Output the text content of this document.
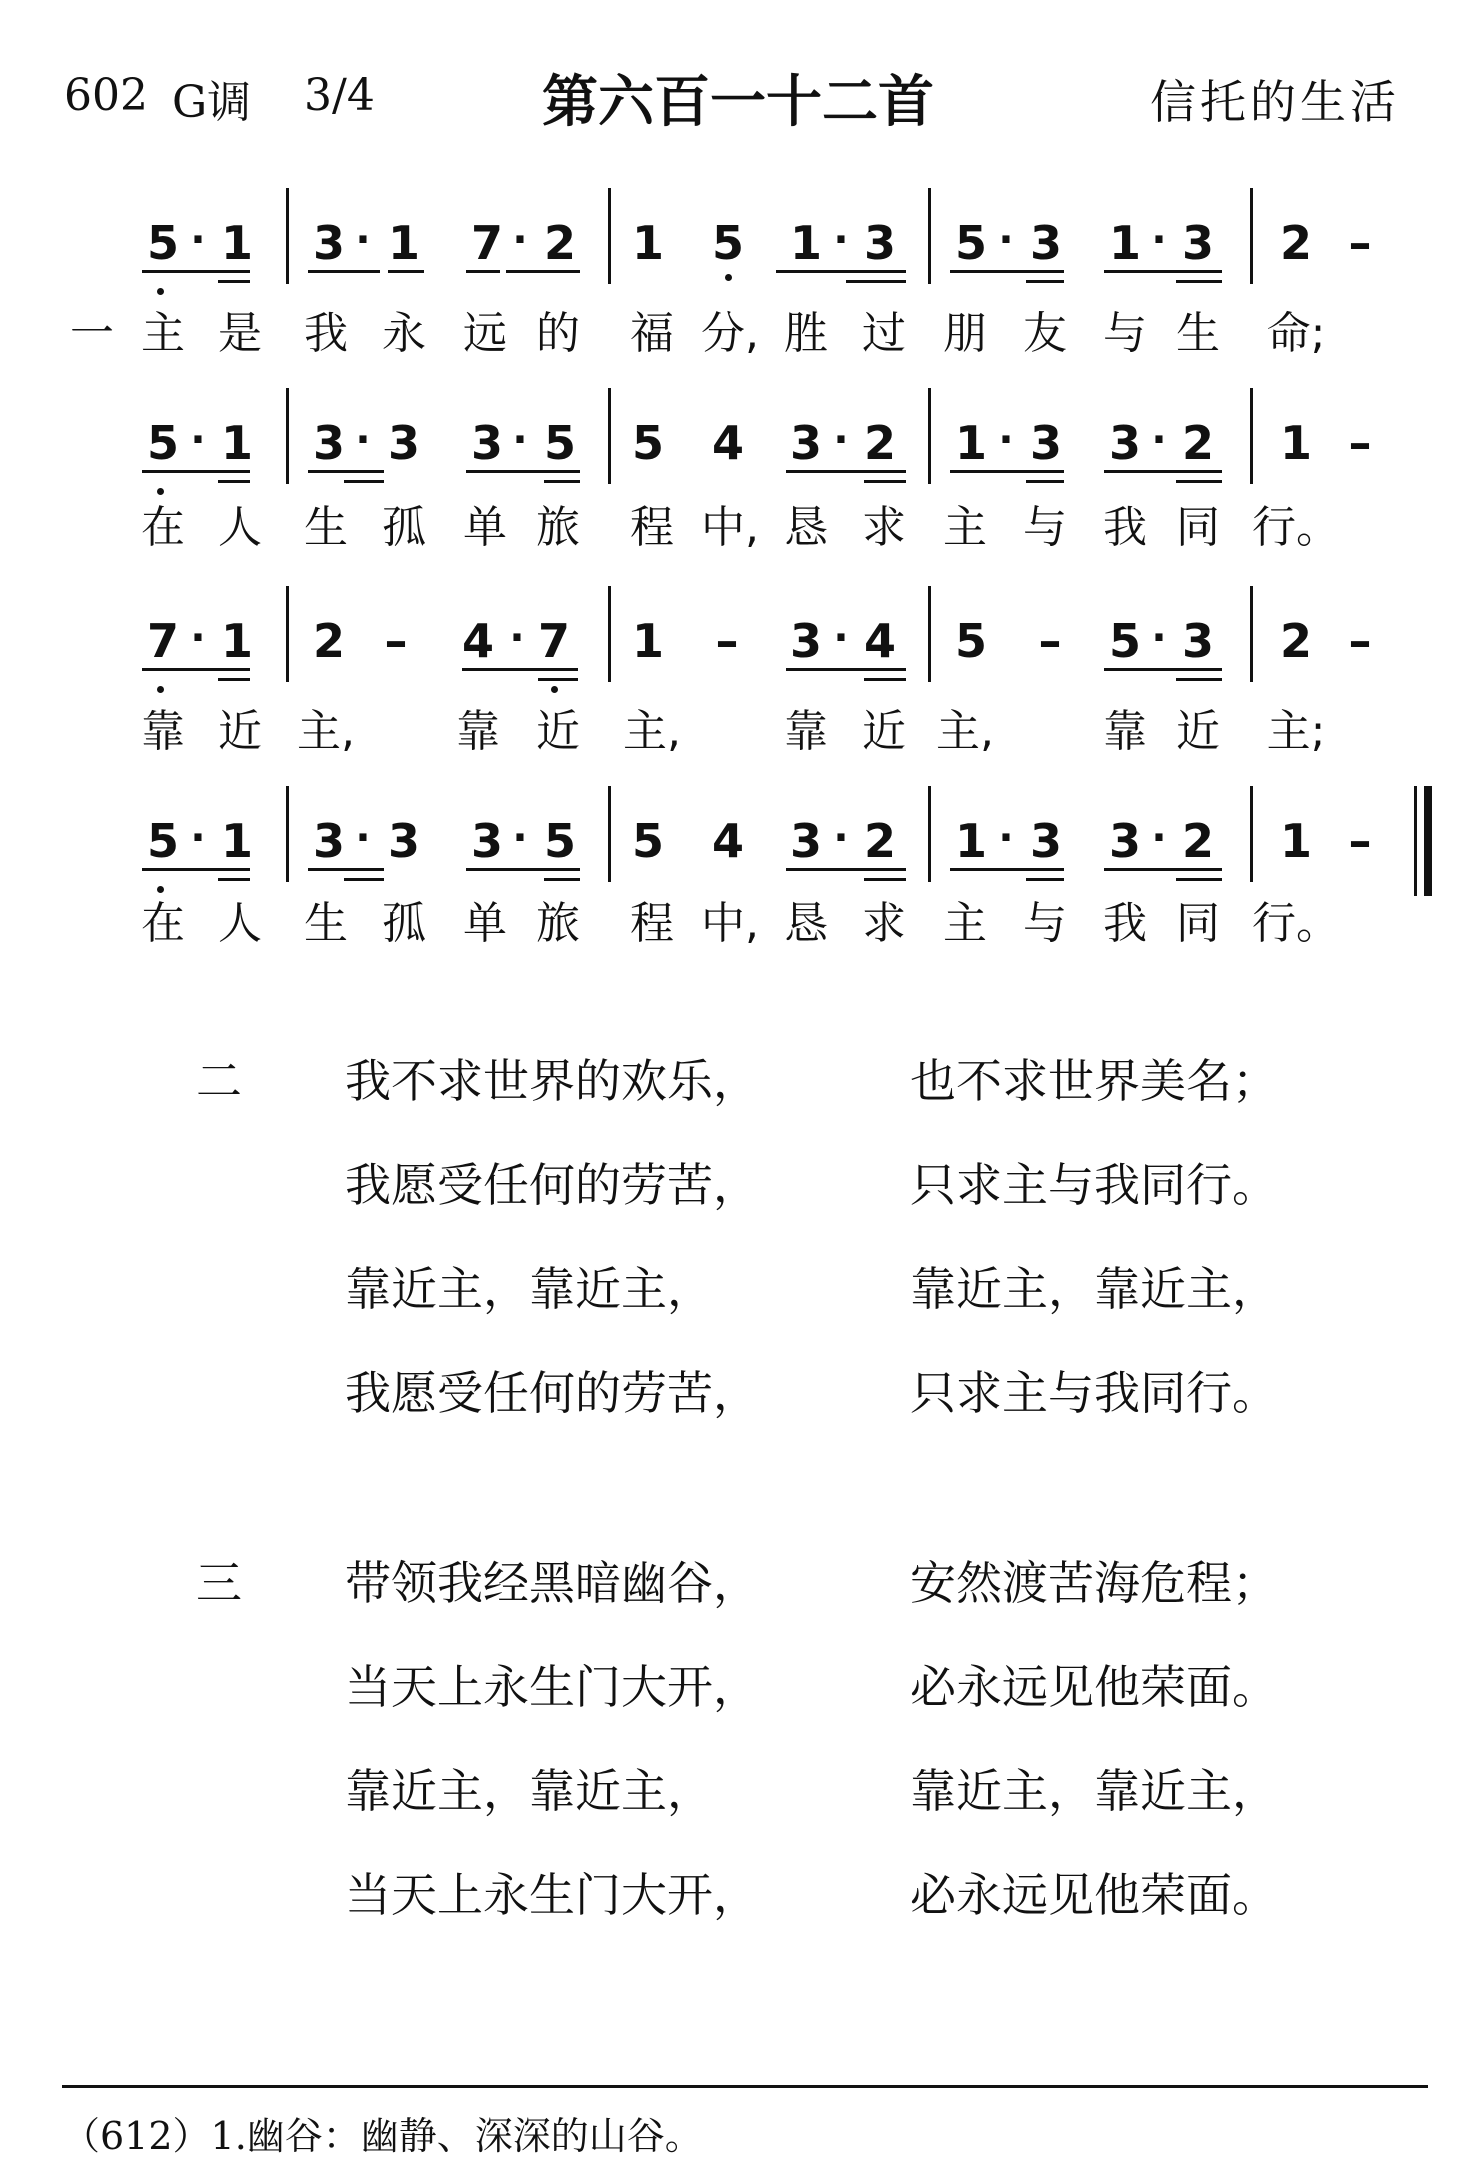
602 G调 3/4	第六百一十二首	信托的生活
5 · 1 3 · 1 7 · 2 1 5 1 · 3 5 · 3 1 · 3 2 –
一 主 是 我 永 远 的 福 分, 胜 过 朋 友 与 生 命;
5 · 1 3 · 3 3 · 5 5 4 3 · 2 1 · 3 3 · 2 1 –
在 人 生 孤 单 旅 程 中, 恳 求 主 与 我 同 行。
7 · 1 2 – 4 · 7 1 – 3 · 4 5 – 5 · 3 2 –
靠 近 主, 靠 近 主, 靠 近 主, 靠 近 主;
5 · 1 3 · 3 3 · 5 5 4 3 · 2 1 · 3 3 · 2 1 –
在 人 生 孤 单 旅 程 中, 恳 求 主 与 我 同 行。
二 我不求世界的欢乐，	也不求世界美名；
我愿受任何的劳苦，	只求主与我同行。
靠近主，靠近主，	靠近主，靠近主，
我愿受任何的劳苦，	只求主与我同行。
三 带领我经黑暗幽谷，	安然渡苦海危程；
当天上永生门大开，	必永远见他荣面。
靠近主，靠近主，	靠近主，靠近主，
当天上永生门大开，	必永远见他荣面。
（612）1.幽谷：幽静、深深的山谷。
